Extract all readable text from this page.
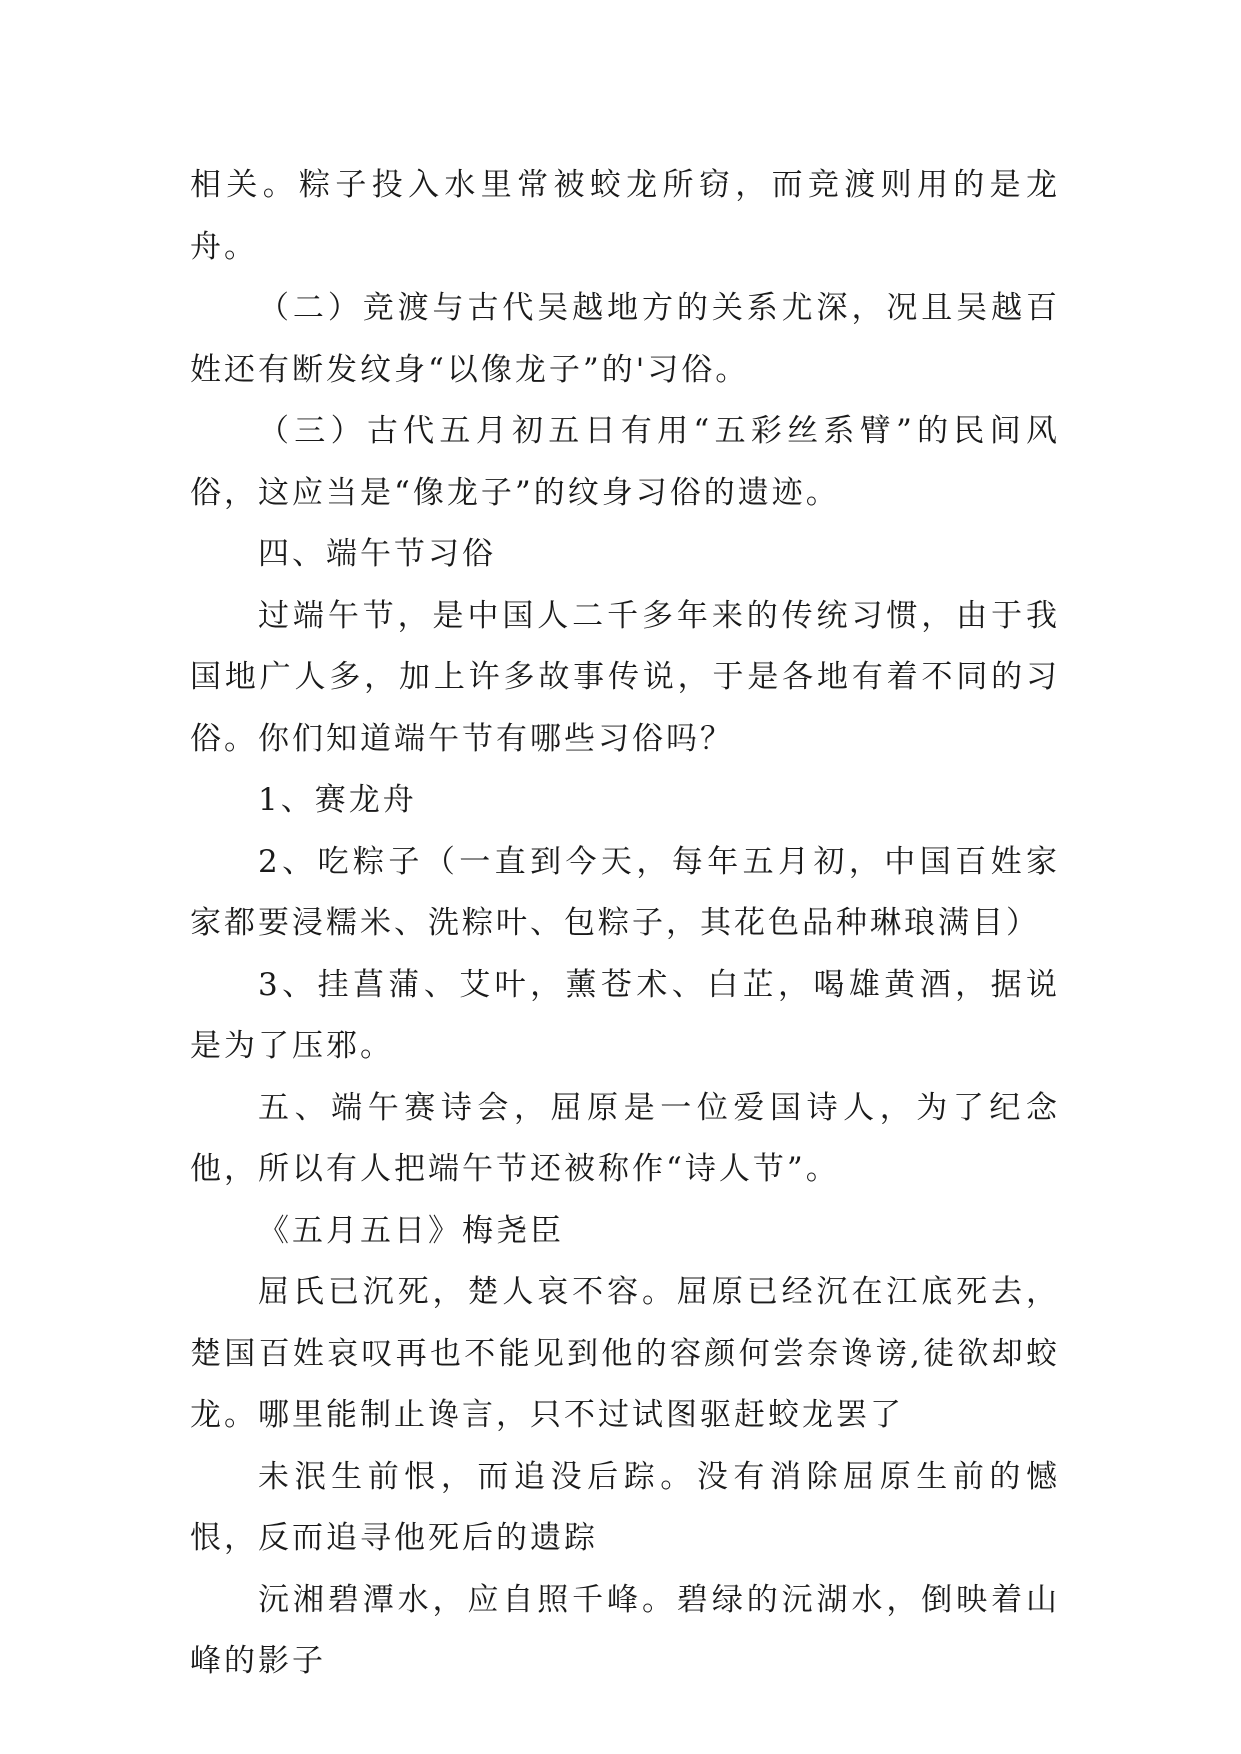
相关。粽子投入水里常被蛟龙所窃，而竞渡则用的是龙舟。

（二）竞渡与古代吴越地方的关系尤深，况且吴越百姓还有断发纹身“以像龙子”的'习俗。

（三）古代五月初五日有用“五彩丝系臂”的民间风俗，这应当是“像龙子”的纹身习俗的遗迹。

四、端午节习俗

过端午节，是中国人二千多年来的传统习惯，由于我国地广人多，加上许多故事传说，于是各地有着不同的习俗。你们知道端午节有哪些习俗吗？

1、赛龙舟

2、吃粽子（一直到今天，每年五月初，中国百姓家家都要浸糯米、洗粽叶、包粽子，其花色品种琳琅满目）

3、挂菖蒲、艾叶，薰苍术、白芷，喝雄黄酒，据说是为了压邪。

五、端午赛诗会，屈原是一位爱国诗人，为了纪念他，所以有人把端午节还被称作“诗人节”。

《五月五日》梅尧臣

屈氏已沉死，楚人哀不容。屈原已经沉在江底死去，楚国百姓哀叹再也不能见到他的容颜何尝奈谗谤,徒欲却蛟龙。哪里能制止谗言，只不过试图驱赶蛟龙罢了

未泯生前恨，而追没后踪。没有消除屈原生前的憾恨，反而追寻他死后的遗踪

沅湘碧潭水，应自照千峰。碧绿的沅湖水，倒映着山峰的影子
